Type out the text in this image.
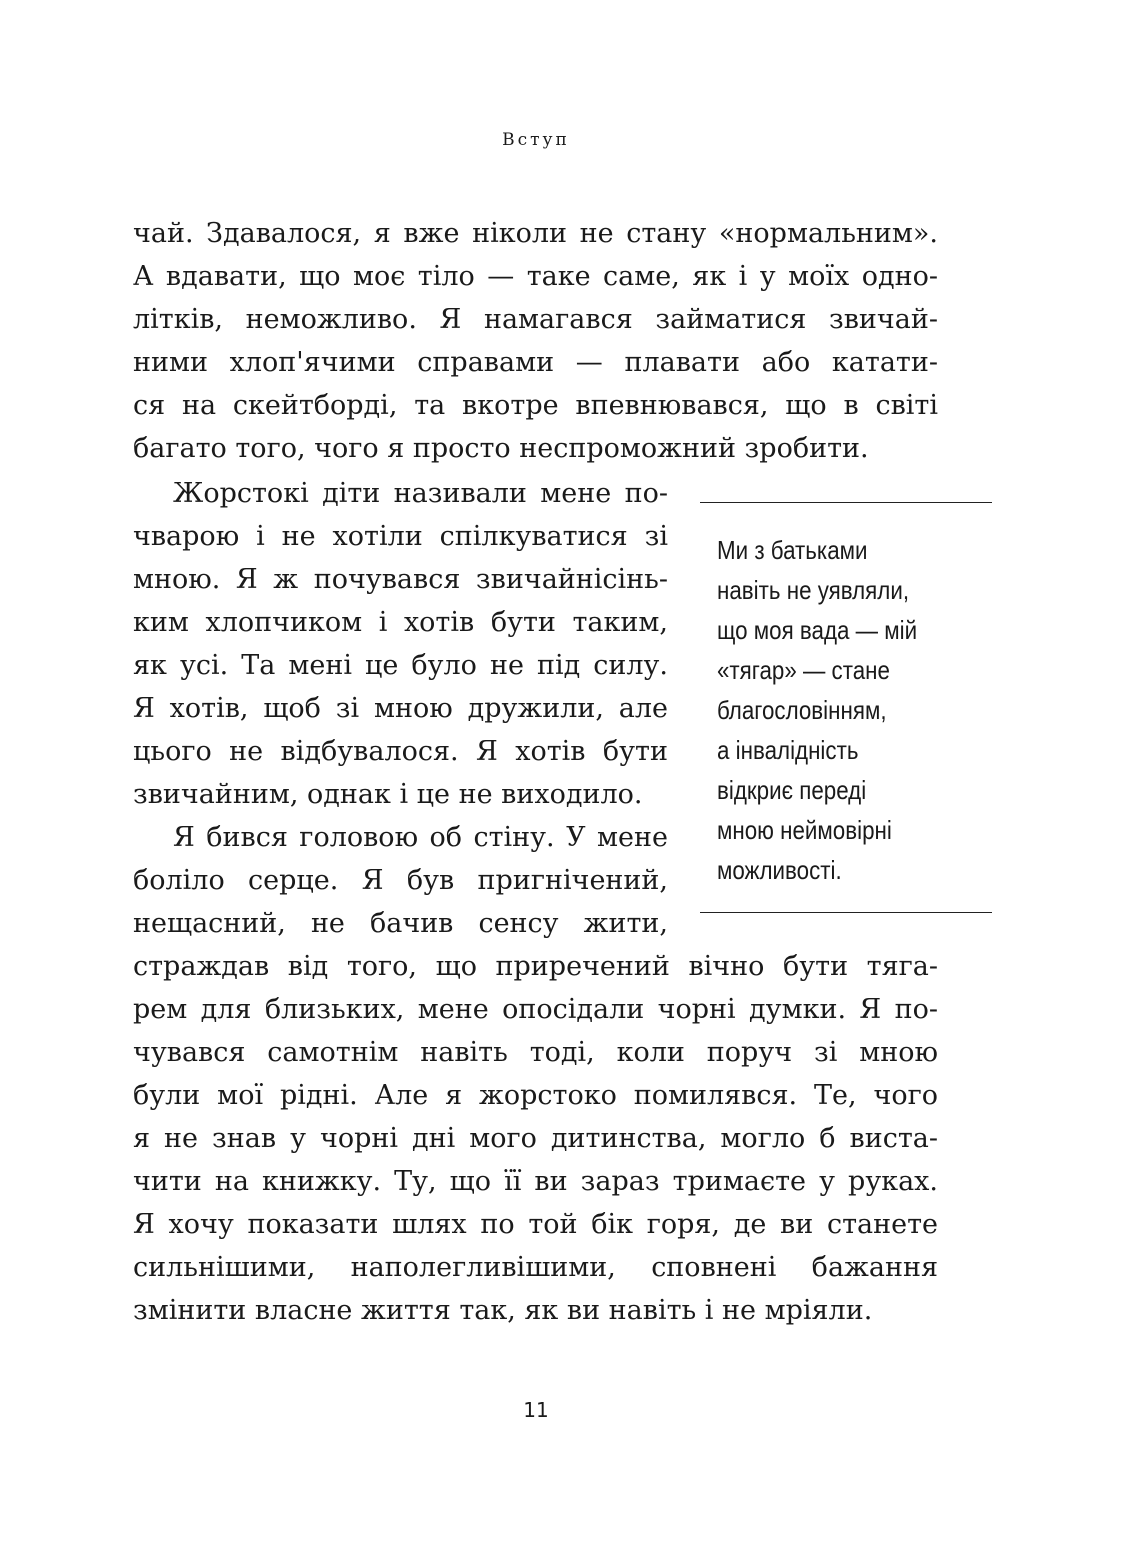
Вступ
чай. Здавалося, я вже ніколи не стану «нормальним».
А вдавати, що моє тіло — таке саме, як і у моїх одно-
літків, неможливо. Я намагався займатися звичай-
ними хлоп'ячими справами — плавати або катати-
ся на скейтборді, та вкотре впевнювався, що в світі
багато того, чого я просто неспроможний зробити.
Жорстокі діти називали мене по-
чварою і не хотіли спілкуватися зі
мною. Я ж почувався звичайнісінь-
ким хлопчиком і хотів бути таким,
як усі. Та мені це було не під силу.
Я хотів, щоб зі мною дружили, але
цього не відбувалося. Я хотів бути
звичайним, однак і це не виходило.
Я бився головою об стіну. У мене
боліло серце. Я був пригнічений,
нещасний, не бачив сенсу жити,
страждав від того, що приречений вічно бути тяга-
рем для близьких, мене опосідали чорні думки. Я по-
чувався самотнім навіть тоді, коли поруч зі мною
були мої рідні. Але я жорстоко помилявся. Те, чого
я не знав у чорні дні мого дитинства, могло б виста-
чити на книжку. Ту, що її ви зараз тримаєте у руках.
Я хочу показати шлях по той бік горя, де ви станете
сильнішими, наполегливішими, сповнені бажання
змінити власне життя так, як ви навіть і не мріяли.
Ми з батьками
навіть не уявляли,
що моя вада — мій
«тягар» — стане
благословінням,
а інвалідність
відкриє переді
мною неймовірні
можливості.
11
